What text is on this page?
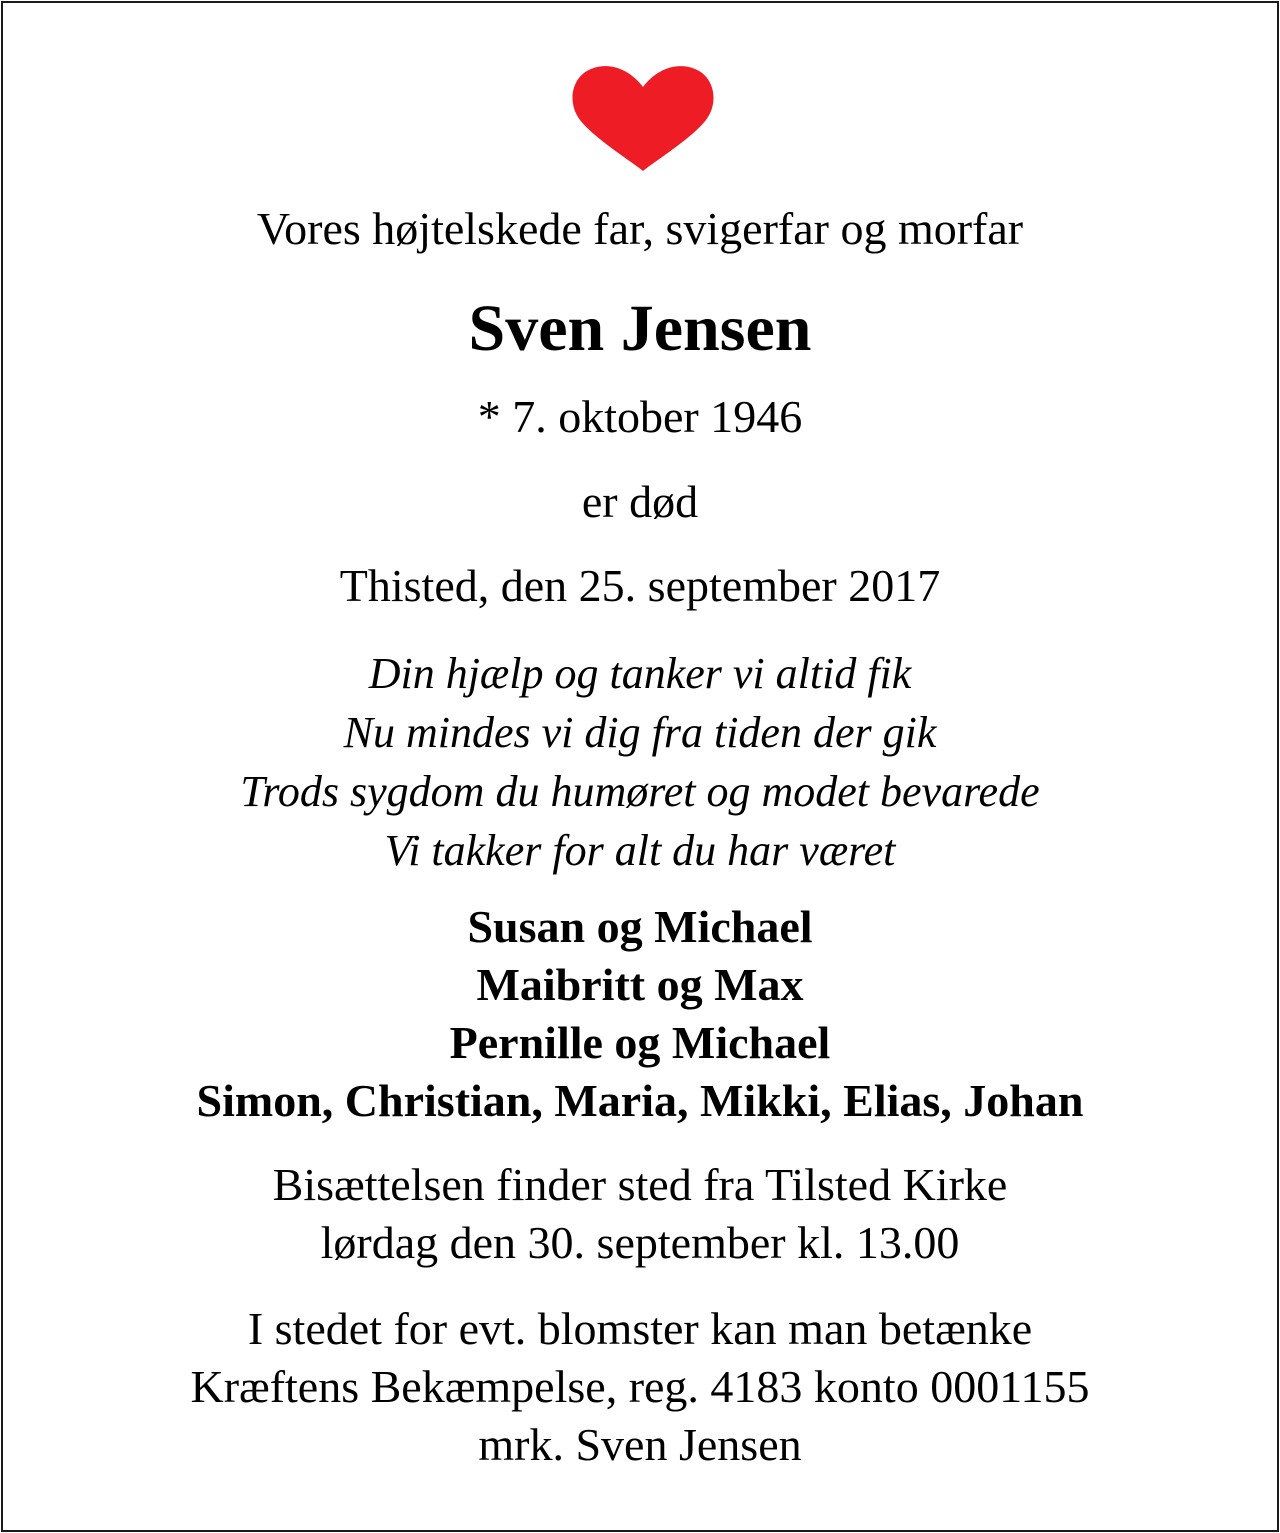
Vores højtelskede far, svigerfar og morfar
Sven Jensen
* 7. oktober 1946
er død
Thisted, den 25. september 2017
Din hjælp og tanker vi altid fik
Nu mindes vi dig fra tiden der gik
Trods sygdom du humøret og modet bevarede
Vi takker for alt du har været
Susan og Michael
Maibritt og Max
Pernille og Michael
Simon, Christian, Maria, Mikki, Elias, Johan
Bisættelsen finder sted fra Tilsted Kirke
lørdag den 30. september kl. 13.00
I stedet for evt. blomster kan man betænke
Kræftens Bekæmpelse, reg. 4183 konto 0001155
mrk. Sven Jensen
